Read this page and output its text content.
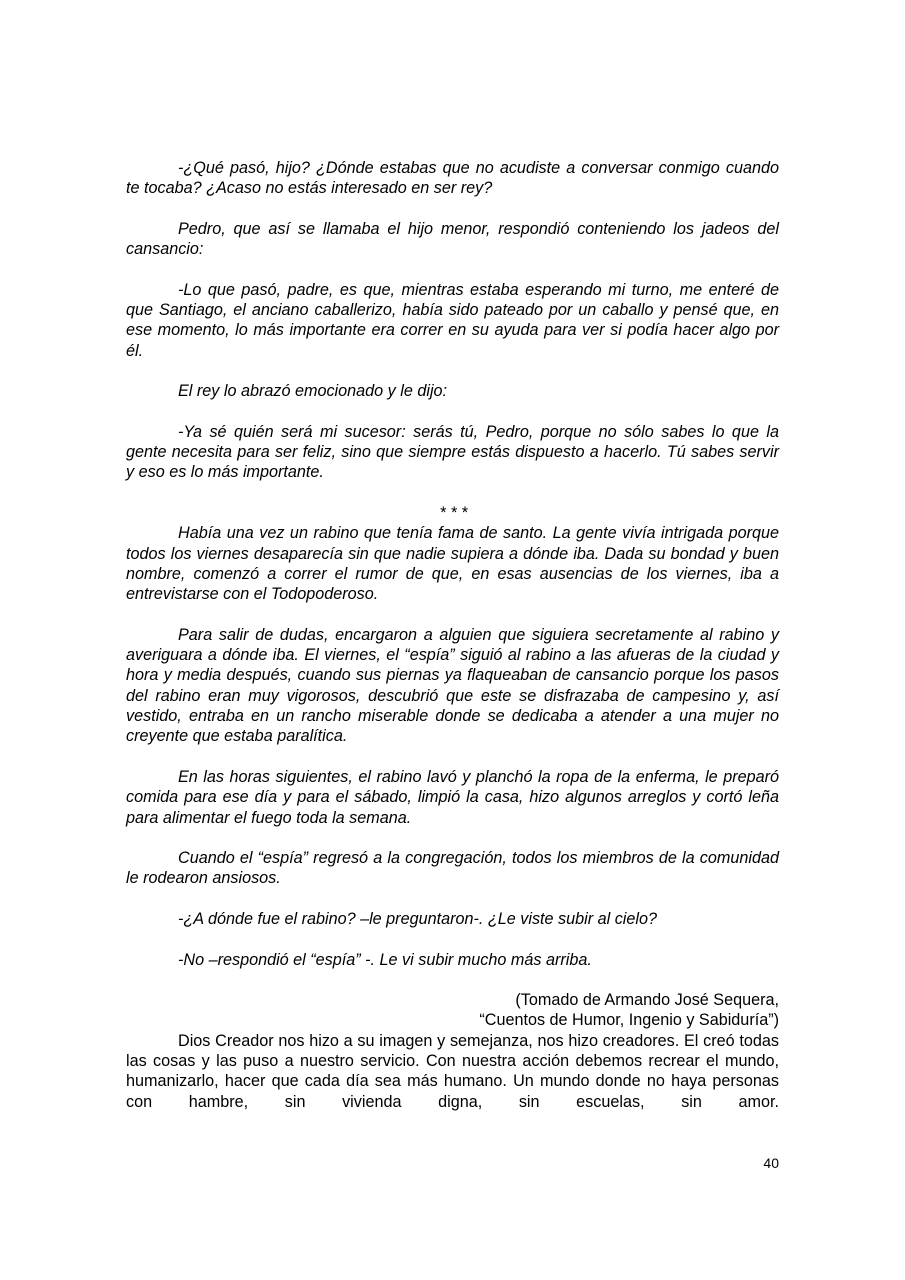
-¿Qué pasó, hijo? ¿Dónde estabas que no acudiste a conversar conmigo cuando te tocaba? ¿Acaso no estás interesado en ser rey?

Pedro, que así se llamaba el hijo menor, respondió conteniendo los jadeos del cansancio:

-Lo que pasó, padre, es que, mientras estaba esperando mi turno, me enteré de que Santiago, el anciano caballerizo, había sido pateado por un caballo y pensé que, en ese momento, lo más importante era correr en su ayuda para ver si podía hacer algo por él.

El rey lo abrazó emocionado y le dijo:

-Ya sé quién será mi sucesor: serás tú, Pedro, porque no sólo sabes lo que la gente necesita para ser feliz, sino que siempre estás dispuesto a hacerlo. Tú sabes servir y eso es lo más importante.

* * *

Había una vez un rabino que tenía fama de santo. La gente vivía intrigada porque todos los viernes desaparecía sin que nadie supiera a dónde iba. Dada su bondad y buen nombre, comenzó a correr el rumor de que, en esas ausencias de los viernes, iba a entrevistarse con el Todopoderoso.

Para salir de dudas, encargaron a alguien que siguiera secretamente al rabino y averiguara a dónde iba. El viernes, el “espía” siguió al rabino a las afueras de la ciudad y hora y media después, cuando sus piernas ya flaqueaban de cansancio porque los pasos del rabino eran muy vigorosos, descubrió que este se disfrazaba de campesino y, así vestido, entraba en un rancho miserable donde se dedicaba a atender a una mujer no creyente que estaba paralítica.

En las horas siguientes, el rabino lavó y planchó la ropa de la enferma, le preparó comida para ese día y para el sábado, limpió la casa, hizo algunos arreglos y cortó leña para alimentar el fuego toda la semana.

Cuando el “espía” regresó a la congregación, todos los miembros de la comunidad le rodearon ansiosos.

-¿A dónde fue el rabino? –le preguntaron-. ¿Le viste subir al cielo?

-No –respondió el “espía” -. Le vi subir mucho más arriba.

(Tomado de Armando José Sequera,

“Cuentos de Humor, Ingenio y Sabiduría”)

Dios Creador nos hizo a su imagen y semejanza, nos hizo creadores. El creó todas las cosas y las puso a nuestro servicio. Con nuestra acción debemos recrear el mundo, humanizarlo, hacer que cada día sea más humano. Un mundo donde no haya personas con hambre, sin vivienda digna, sin escuelas, sin amor.

40
